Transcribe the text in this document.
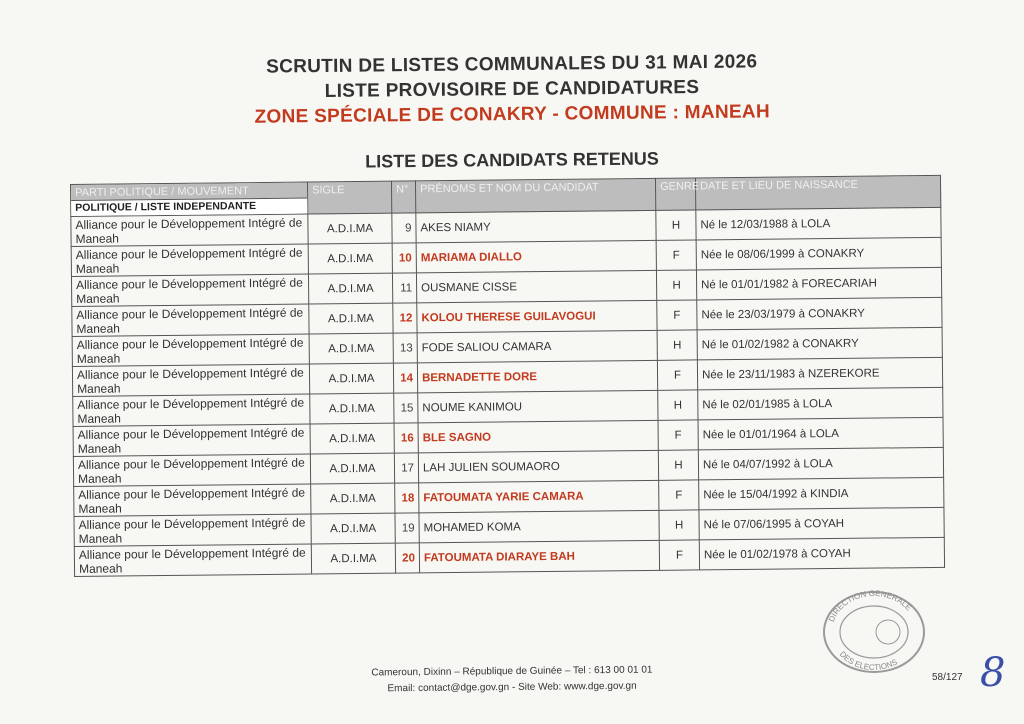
SCRUTIN DE LISTES COMMUNALES DU 31 MAI 2026
LISTE PROVISOIRE DE CANDIDATURES
ZONE SPÉCIALE DE CONAKRY - COMMUNE : MANEAH
LISTE DES CANDIDATS RETENUS
PARTI POLITIQUE / MOUVEMENT
POLITIQUE / LISTE INDEPENDANTE	SIGLE	N°	PRÉNOMS ET NOM DU CANDIDAT	GENRE	DATE ET LIEU DE NAISSANCE
Alliance pour le Développement Intégré de Maneah	A.D.I.MA	9	AKES NIAMY	H	Né le 12/03/1988 à LOLA
Alliance pour le Développement Intégré de Maneah	A.D.I.MA	10	MARIAMA DIALLO	F	Née le 08/06/1999 à CONAKRY
Alliance pour le Développement Intégré de Maneah	A.D.I.MA	11	OUSMANE CISSE	H	Né le 01/01/1982 à FORECARIAH
Alliance pour le Développement Intégré de Maneah	A.D.I.MA	12	KOLOU THERESE GUILAVOGUI	F	Née le 23/03/1979 à CONAKRY
Alliance pour le Développement Intégré de Maneah	A.D.I.MA	13	FODE SALIOU CAMARA	H	Né le 01/02/1982 à CONAKRY
Alliance pour le Développement Intégré de Maneah	A.D.I.MA	14	BERNADETTE DORE	F	Née le 23/11/1983 à NZEREKORE
Alliance pour le Développement Intégré de Maneah	A.D.I.MA	15	NOUME KANIMOU	H	Né le 02/01/1985 à LOLA
Alliance pour le Développement Intégré de Maneah	A.D.I.MA	16	BLE SAGNO	F	Née le 01/01/1964 à LOLA
Alliance pour le Développement Intégré de Maneah	A.D.I.MA	17	LAH JULIEN SOUMAORO	H	Né le 04/07/1992 à LOLA
Alliance pour le Développement Intégré de Maneah	A.D.I.MA	18	FATOUMATA YARIE CAMARA	F	Née le 15/04/1992 à KINDIA
Alliance pour le Développement Intégré de Maneah	A.D.I.MA	19	MOHAMED KOMA	H	Né le 07/06/1995 à COYAH
Alliance pour le Développement Intégré de Maneah	A.D.I.MA	20	FATOUMATA DIARAYE BAH	F	Née le 01/02/1978 à COYAH
Cameroun, Dixinn – République de Guinée – Tel : 613 00 01 01
Email: contact@dge.gov.gn - Site Web: www.dge.gov.gn
58/127 8
DIRECTION GENERALE
DES ELECTIONS
